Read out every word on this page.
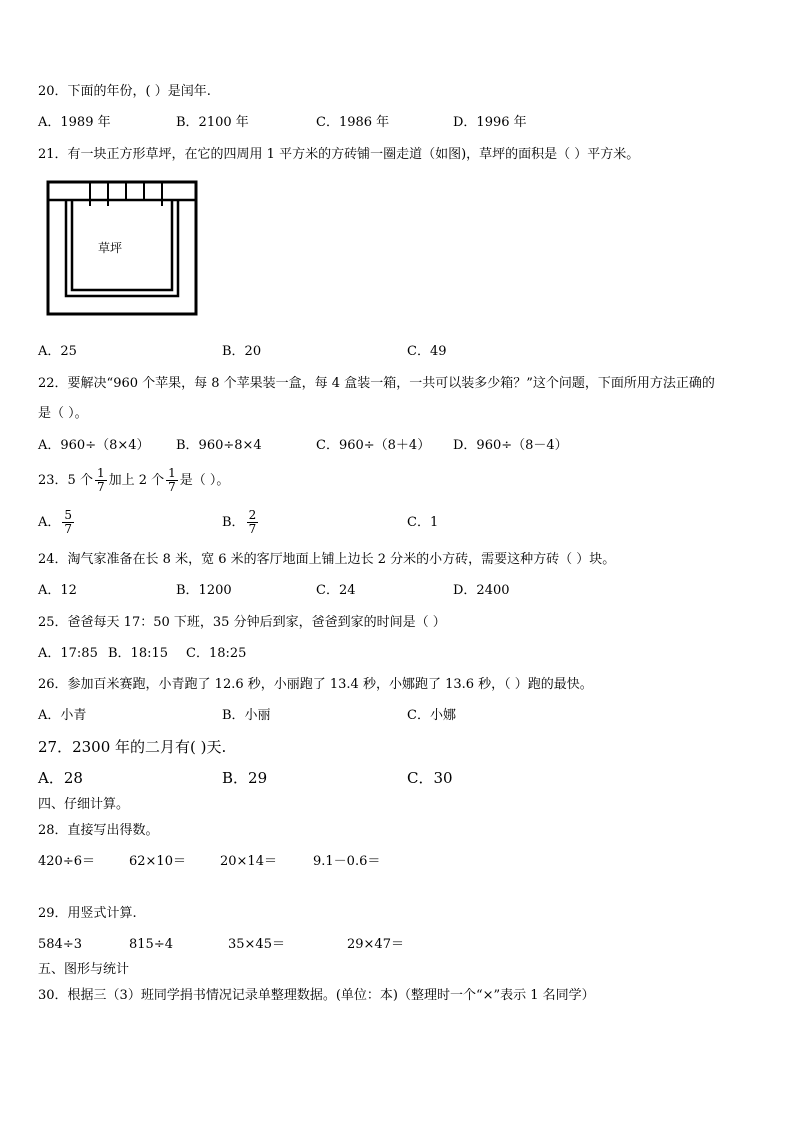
20．下面的年份，( ）是闰年.
A．1989 年	B．2100 年	C．1986 年	D．1996 年
21．有一块正方形草坪，在它的四周用 1 平方米的方砖铺一圈走道（如图)，草坪的面积是（ ）平方米。
草坪
A．25	B．20	C．49
22．要解决“960 个苹果，每 8 个苹果装一盒，每 4 盒装一箱，一共可以装多少箱？”这个问题，下面所用方法正确的
是（ ）。
A．960÷（8×4） B．960÷8×4	C．960÷（8＋4） D．960÷（8－4）
23．5 个 $\frac{1}{7}$ 加上 2 个 $\frac{1}{7}$ 是（ ）。
A． $\frac{5}{7}$	B． $\frac{2}{7}$	C．1
24．淘气家准备在长 8 米，宽 6 米的客厅地面上铺上边长 2 分米的小方砖，需要这种方砖（ ）块。
A．12	B．1200	C．24	D．2400
25．爸爸每天 17：50 下班，35 分钟后到家，爸爸到家的时间是（ ）
A．17:85 B．18:15 C．18:25
26．参加百米赛跑，小青跑了 12.6 秒，小丽跑了 13.4 秒，小娜跑了 13.6 秒，（ ）跑的最快。
A．小青	B．小丽	C．小娜
27．2300 年的二月有( )天.
A．28	B．29	C．30
四、仔细计算。
28．直接写出得数。
420÷6＝	62×10＝	20×14＝	9.1－0.6＝
29．用竖式计算.
584÷3	815÷4	35×45＝	29×47＝
五、图形与统计
30．根据三（3）班同学捐书情况记录单整理数据。(单位：本)（整理时一个“×”表示 1 名同学）
